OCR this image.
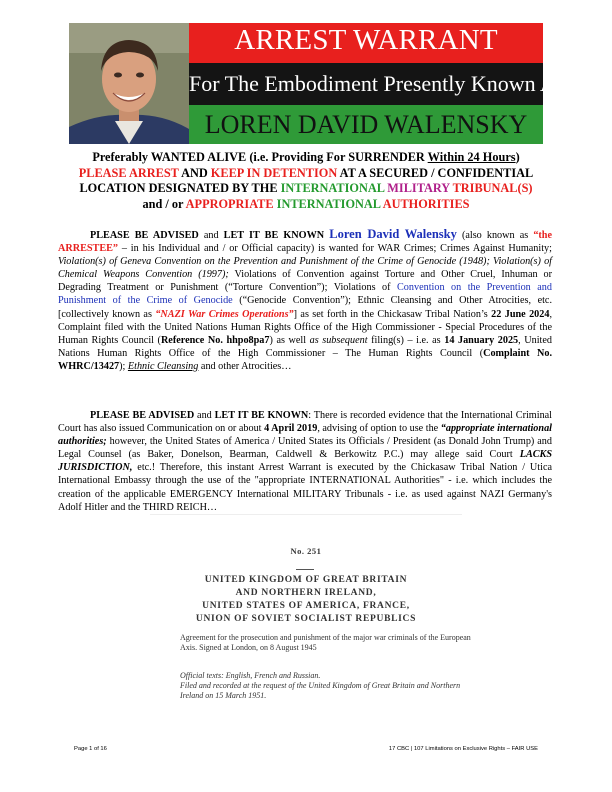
ARREST WARRANT
For The Embodiment Presently Known As:
LOREN DAVID WALENSKY
Preferably WANTED ALIVE (i.e. Providing For SURRENDER Within 24 Hours)
PLEASE ARREST AND KEEP IN DETENTION AT A SECURED / CONFIDENTIAL
LOCATION DESIGNATED BY THE INTERNATIONAL MILITARY TRIBUNAL(S)
and / or APPROPRIATE INTERNATIONAL AUTHORITIES
PLEASE BE ADVISED and LET IT BE KNOWN Loren David Walensky (also known as “the ARRESTEE” – in his Individual and / or Official capacity) is wanted for WAR Crimes; Crimes Against Humanity; Violation(s) of Geneva Convention on the Prevention and Punishment of the Crime of Genocide (1948); Violation(s) of Chemical Weapons Convention (1997); Violations of Convention against Torture and Other Cruel, Inhuman or Degrading Treatment or Punishment (“Torture Convention”); Violations of Convention on the Prevention and Punishment of the Crime of Genocide (“Genocide Convention”); Ethnic Cleansing and Other Atrocities, etc. [collectively known as “NAZI War Crimes Operations”] as set forth in the Chickasaw Tribal Nation’s 22 June 2024, Complaint filed with the United Nations Human Rights Office of the High Commissioner - Special Procedures of the Human Rights Council (Reference No. hhpo8pa7) as well as subsequent filing(s) – i.e. as 14 January 2025, United Nations Human Rights Office of the High Commissioner – The Human Rights Council (Complaint No. WHRC/13427); Ethnic Cleansing and other Atrocities…
PLEASE BE ADVISED and LET IT BE KNOWN: There is recorded evidence that the International Criminal Court has also issued Communication on or about 4 April 2019, advising of option to use the “appropriate international authorities; however, the United States of America / United States its Officials / President (as Donald John Trump) and Legal Counsel (as Baker, Donelson, Bearman, Caldwell & Berkowitz P.C.) may allege said Court LACKS JURISDICTION, etc.! Therefore, this instant Arrest Warrant is executed by the Chickasaw Tribal Nation / Utica International Embassy through the use of the "appropriate INTERNATIONAL Authorities" - i.e. which includes the creation of the applicable EMERGENCY International MILITARY Tribunals - i.e. as used against NAZI Germany's Adolf Hitler and the THIRD REICH…
No. 251
UNITED KINGDOM OF GREAT BRITAIN
AND NORTHERN IRELAND,
UNITED STATES OF AMERICA, FRANCE,
UNION OF SOVIET SOCIALIST REPUBLICS
Agreement for the prosecution and punishment of the major war criminals of the European Axis. Signed at London, on 8 August 1945
Official texts: English, French and Russian.
Filed and recorded at the request of the United Kingdom of Great Britain and Northern Ireland on 15 March 1951.
Page 1 of 16	17 CBC | 107 Limitations on Exclusive Rights – FAIR USE
